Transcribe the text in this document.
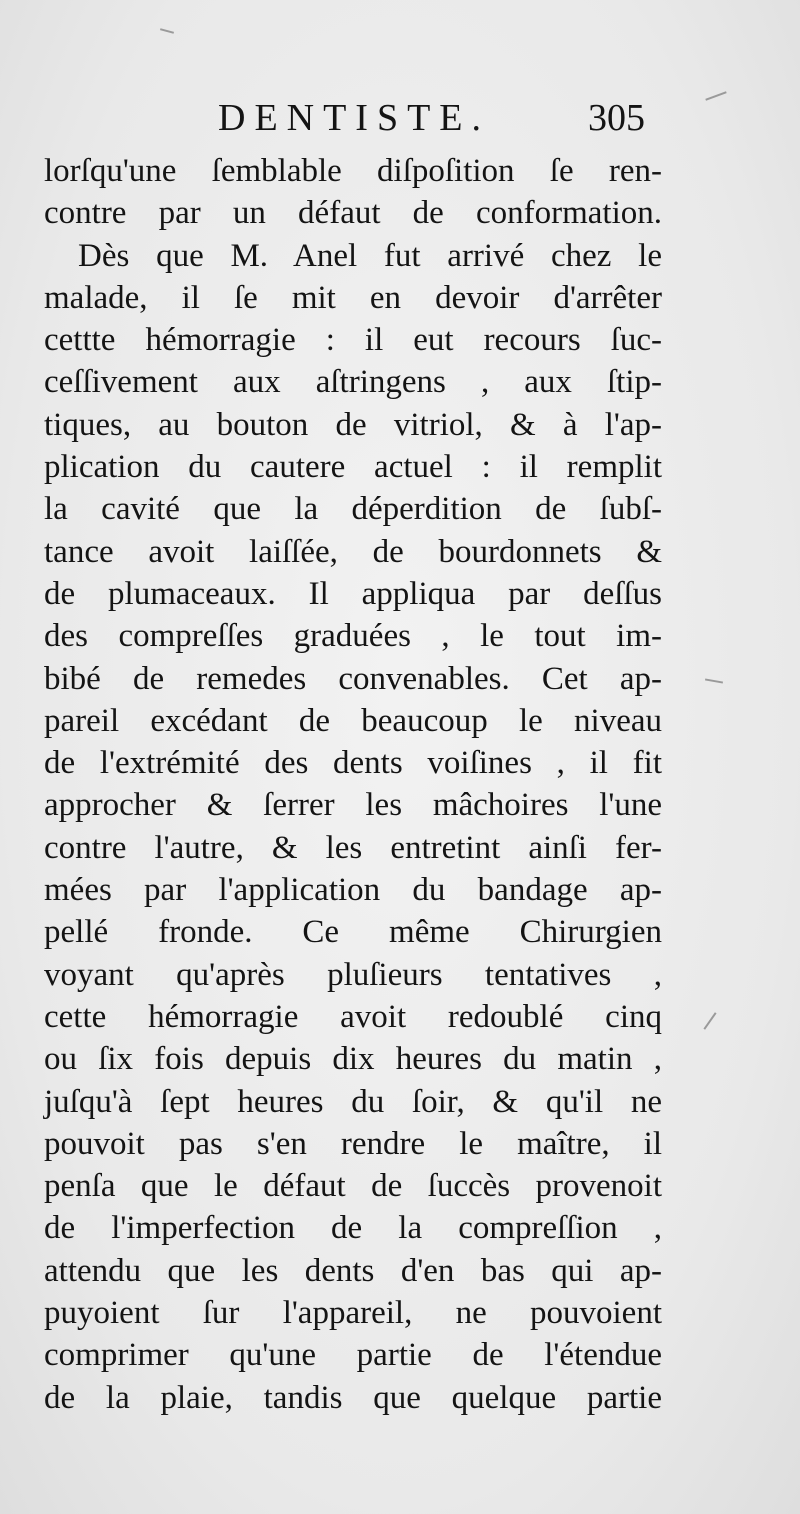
DENTISTE.	305
lorſqu'une ſemblable diſpoſition ſe ren-
contre par un défaut de conformation.
Dès que M. Anel fut arrivé chez le
malade, il ſe mit en devoir d'arrêter
cettte hémorragie : il eut recours ſuc-
ceſſivement aux aſtringens , aux ſtip-
tiques, au bouton de vitriol, & à l'ap-
plication du cautere actuel : il remplit
la cavité que la déperdition de ſubſ-
tance avoit laiſſée, de bourdonnets &
de plumaceaux. Il appliqua par deſſus
des compreſſes graduées , le tout im-
bibé de remedes convenables. Cet ap-
pareil excédant de beaucoup le niveau
de l'extrémité des dents voiſines , il fit
approcher & ſerrer les mâchoires l'une
contre l'autre, & les entretint ainſi fer-
mées par l'application du bandage ap-
pellé fronde. Ce même Chirurgien
voyant qu'après pluſieurs tentatives ,
cette hémorragie avoit redoublé cinq
ou ſix fois depuis dix heures du matin ,
juſqu'à ſept heures du ſoir, & qu'il ne
pouvoit pas s'en rendre le maître, il
penſa que le défaut de ſuccès provenoit
de l'imperfection de la compreſſion ,
attendu que les dents d'en bas qui ap-
puyoient ſur l'appareil, ne pouvoient
comprimer qu'une partie de l'étendue
de la plaie, tandis que quelque partie
